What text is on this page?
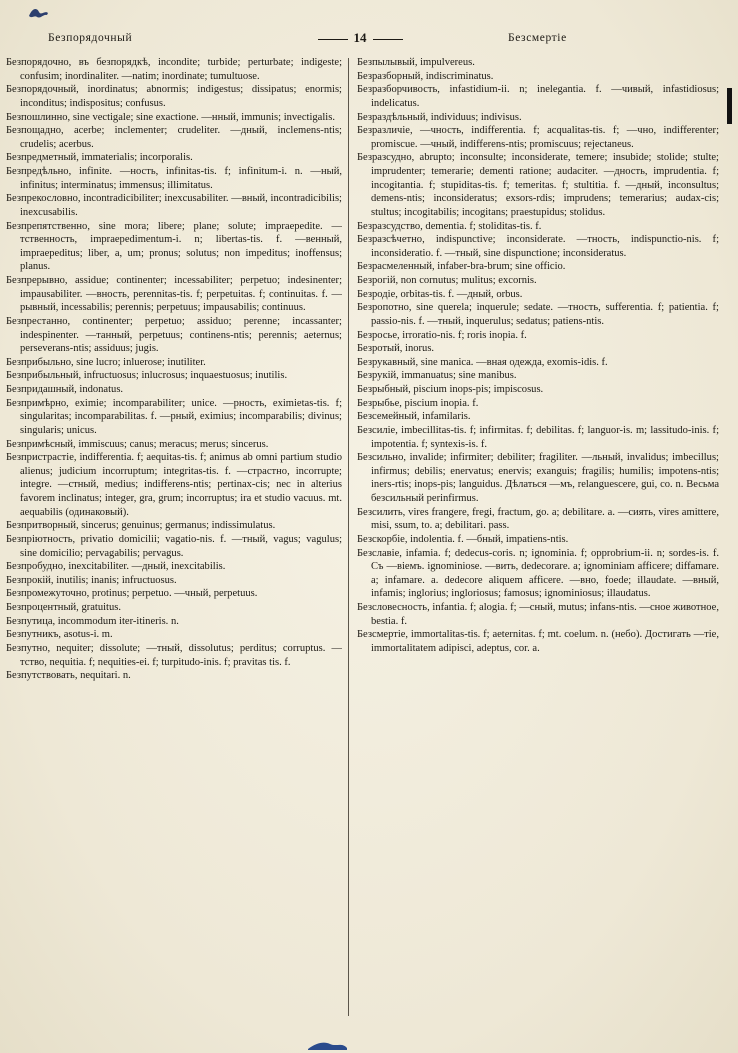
Безпорядочный	14	Безсмертіе

Безпорядочно, въ безпорядкѣ, incondite; turbide; perturbate; indigeste; confusim; inordinaliter. —natim; inordinate; tumultuose.

Безпорядочный, inordinatus; abnormis; indigestus; dissipatus; enormis; inconditus; indispositus; confusus.

Безпошлинно, sine vectigale; sine exactione. —нный, immunis; invectigalis.

Безпощадно, acerbe; inclementer; crudeliter. —дный, inclemens-ntis; crudelis; acerbus.

Безпредметный, immaterialis; incorporalis.

Безпредѣльно, infinite. —ность, infinitas-tis. f; infinitum-i. n. —ный, infinitus; interminatus; immensus; illimitatus.

Безпрекословно, incontradicibiliter; inexcusabiliter. —вный, incontradicibilis; inexcusabilis.

Безпрепятственно, sine mora; libere; plane; solute; impraepedite. —тственность, impraepedimentum-i. n; libertas-tis. f. —венный, impraepeditus; liber, a, um; pronus; solutus; non impeditus; inoffensus; planus.

Безпрерывно, assidue; continenter; incessabiliter; perpetuo; indesinenter; impausabiliter. —вность, perennitas-tis. f; perpetuitas. f; continuitas. f. —рывный, incessabilis; perennis; perpetuus; impausabilis; continuus.

Безпрестанно, continenter; perpetuo; assiduo; perenne; incassanter; indespinenter. —танный, perpetuus; continens-ntis; perennis; aeternus; perseverans-ntis; assiduus; jugis.

Безприбыльно, sine lucro; inluerose; inutiliter.

Безприбыльный, infructuosus; inlucrosus; inquaestuosus; inutilis.

Безпридашный, indonatus.

Безпримѣрно, eximie; incomparabiliter; unice. —рность, eximietas-tis. f; singularitas; incomparabilitas. f. —рный, eximius; incomparabilis; divinus; singularis; unicus.

Безпримѣсный, immiscuus; canus; meracus; merus; sincerus.

Безпристрастіе, indifferentia. f; aequitas-tis. f; animus ab omni partium studio alienus; judicium incorruptum; integritas-tis. f. —страстно, incorrupte; integre. —стный, medius; indifferens-ntis; pertinax-cis; nec in alterius favorem inclinatus; integer, gra, grum; incorruptus; ira et studio vacuus. mt. aequabilis (одинаковый).

Безпритворный, sincerus; genuinus; germanus; indissimulatus.

Безпріютность, privatio domicilii; vagatio-nis. f. —тный, vagus; vagulus; sine domicilio; pervagabilis; pervagus.

Безпробудно, inexcitabiliter. —дный, inexcitabilis.

Безпрокій, inutilis; inanis; infructuosus.

Безпромежуточно, protinus; perpetuo. —чный, perpetuus.

Безпроцентный, gratuitus.

Безпутица, incommodum iter-itineris. n.

Безпутникъ, asotus-i. m.

Безпутно, nequiter; dissolute; —тный, dissolutus; perditus; corruptus. —тство, nequitia. f; nequities-ei. f; turpitudo-inis. f; pravitas tis. f.

Безпутствовать, nequitari. n.

Безпылывый, impulvereus.

Безразборный, indiscriminatus.

Безразборчивость, infastidium-ii. n; inelegantia. f. —чивый, infastidiosus; indelicatus.

Безраздѣльный, individuus; indivisus.

Безразличіе, —чность, indifferentia. f; acqualitas-tis. f; —чно, indifferenter; promiscue. —чный, indifferens-ntis; promiscuus; rejectaneus.

Безразсудно, abrupto; inconsulte; inconsiderate, temere; insubide; stolide; stulte; imprudenter; temerarie; dementi ratione; audaciter. —дность, imprudentia. f; incogitantia. f; stupiditas-tis. f; temeritas. f; stultitia. f. —дный, inconsultus; demens-ntis; inconsideratus; exsors-rdis; imprudens; temerarius; audax-cis; stultus; incogitabilis; incogitans; praestupidus; stolidus.

Безразсудство, dementia. f; stoliditas-tis. f.

Безразсѣчетно, indispunctive; inconsiderate. —тность, indispunctio-nis. f; inconsideratio. f. —тный, sine dispunctione; inconsideratus.

Безрасмеленный, infaber-bra-brum; sine officio.

Безрогій, non cornutus; mulitus; excornis.

Безродіе, orbitas-tis. f. —дный, orbus.

Безропотно, sine querela; inquerule; sedate. —тность, sufferentia. f; patientia. f; passio-nis. f. —тный, inquerulus; sedatus; patiens-ntis.

Безросье, irroratio-nis. f; roris inopia. f.

Безротый, inorus.

Безрукавный, sine manica. —вная одежда, exomis-idis. f.

Безрукій, immanuatus; sine manibus.

Безрыбный, piscium inops-pis; impiscosus.

Безрыбье, piscium inopia. f.

Безсемейный, infamilaris.

Безсиліе, imbecillitas-tis. f; infirmitas. f; debilitas. f; languor-is. m; lassitudo-inis. f; impotentia. f; syntexis-is. f.

Безсильно, invalide; infirmiter; debiliter; fragiliter. —льный, invalidus; imbecillus; infirmus; debilis; enervatus; enervis; exanguis; fragilis; humilis; impotens-ntis; iners-rtis; inops-pis; languidus. Дѣлаться —мъ, relanguescere, gui, co. n. Весьма безсильный perinfirmus.

Безсилить, vires frangere, fregi, fractum, go. a; debilitare. a. —сиять, vires amittere, misi, ssum, to. a; debilitari. pass.

Безскорбіе, indolentia. f. —бный, impatiens-ntis.

Безславіе, infamia. f; dedecus-coris. n; ignominia. f; opprobrium-ii. n; sordes-is. f. Съ —віемъ. ignominiose. —вить, dedecorare. a; ignominiam afficere; diffamare. a; infamare. a. dedecore aliquem afficere. —вно, foede; illaudate. —вный, infamis; inglorius; ingloriosus; famosus; ignominiosus; illaudatus.

Безсловесность, infantia. f; alogia. f; —сный, mutus; infans-ntis. —сное животное, bestia. f.

Безсмертіе, immortalitas-tis. f; aeternitas. f; mt. coelum. n. (небо). Достигать —тіе, immortalitatem adipisci, adeptus, cor. a.
